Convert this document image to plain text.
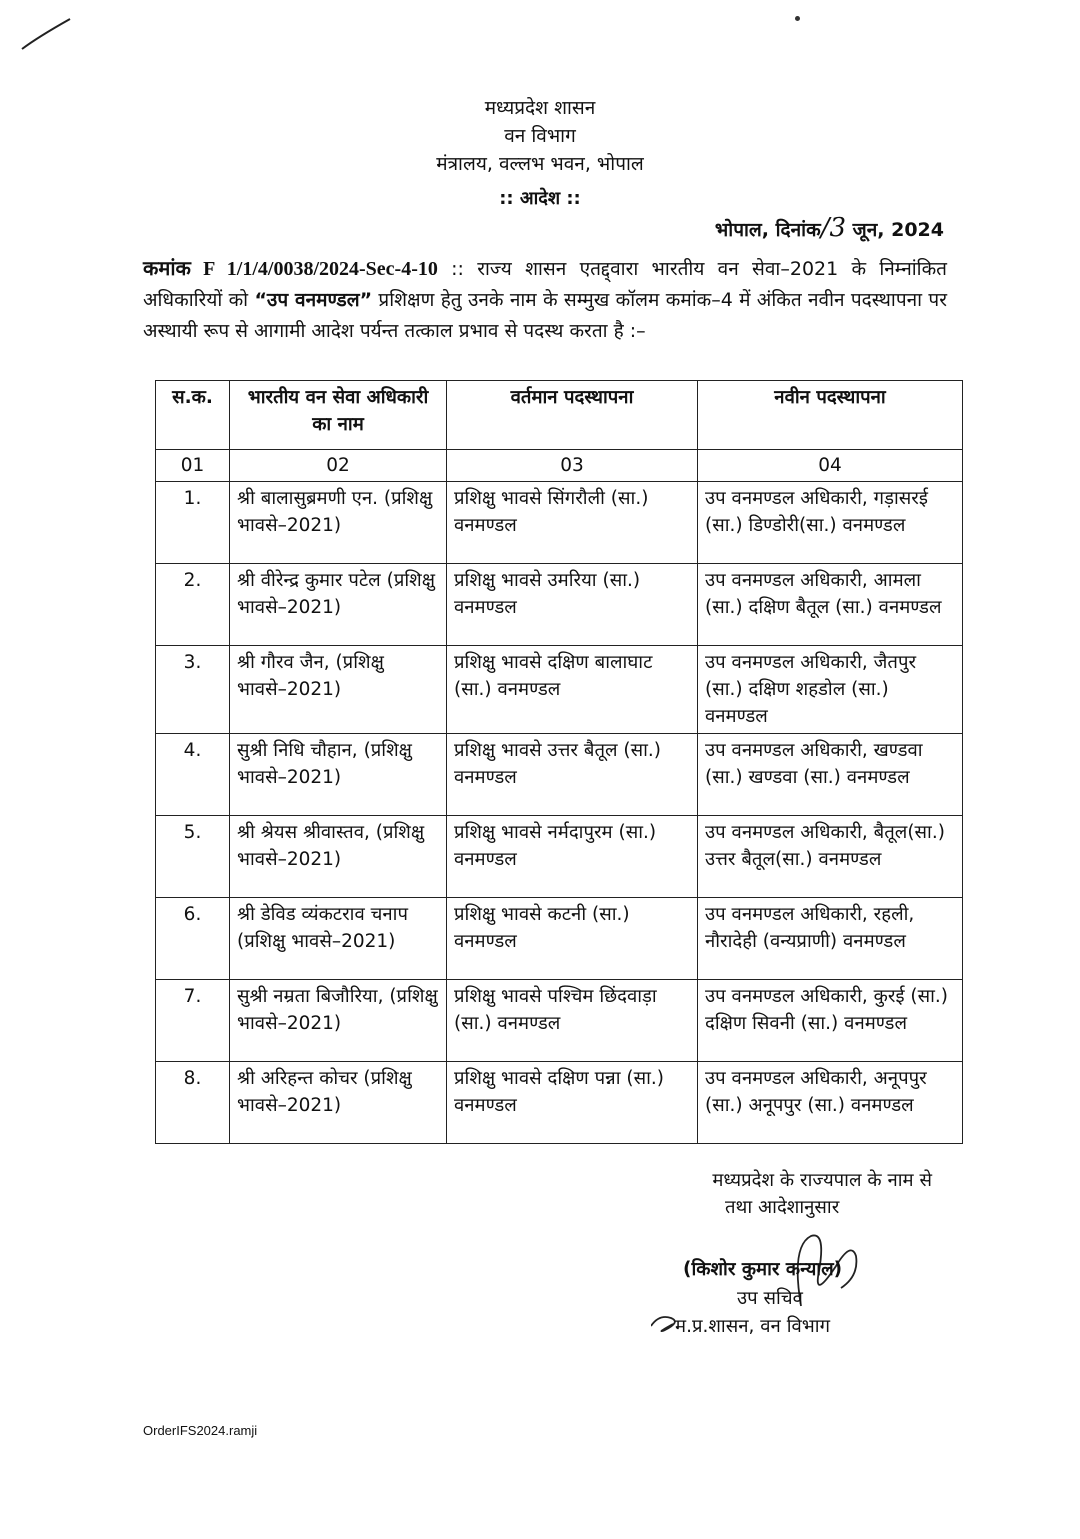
मध्यप्रदेश शासन
वन विभाग
मंत्रालय, वल्लभ भवन, भोपाल
:: आदेश ::
भोपाल, दिनांक/3 जून, 2024
कमांक F 1/1/4/0038/2024-Sec-4-10 :: राज्य शासन एतद्द्वारा भारतीय वन सेवा–2021 के निम्नांकित अधिकारियों को “उप वनमण्डल” प्रशिक्षण हेतु उनके नाम के सम्मुख कॉलम कमांक–4 में अंकित नवीन पदस्थापना पर अस्थायी रूप से आगामी आदेश पर्यन्त तत्काल प्रभाव से पदस्थ करता है :–
स.क.	भारतीय वन सेवा अधिकारी का नाम	वर्तमान पदस्थापना	नवीन पदस्थापना
01	02	03	04
1.	श्री बालासुब्रमणी एन. (प्रशिक्षु भावसे–2021)	प्रशिक्षु भावसे सिंगरौली (सा.) वनमण्डल	उप वनमण्डल अधिकारी, गड़ासरई (सा.) डिण्डोरी(सा.) वनमण्डल
2.	श्री वीरेन्द्र कुमार पटेल (प्रशिक्षु भावसे–2021)	प्रशिक्षु भावसे उमरिया (सा.) वनमण्डल	उप वनमण्डल अधिकारी, आमला (सा.) दक्षिण बैतूल (सा.) वनमण्डल
3.	श्री गौरव जैन, (प्रशिक्षु भावसे–2021)	प्रशिक्षु भावसे दक्षिण बालाघाट (सा.) वनमण्डल	उप वनमण्डल अधिकारी, जैतपुर (सा.) दक्षिण शहडोल (सा.) वनमण्डल
4.	सुश्री निधि चौहान, (प्रशिक्षु भावसे–2021)	प्रशिक्षु भावसे उत्तर बैतूल (सा.) वनमण्डल	उप वनमण्डल अधिकारी, खण्डवा (सा.) खण्डवा (सा.) वनमण्डल
5.	श्री श्रेयस श्रीवास्तव, (प्रशिक्षु भावसे–2021)	प्रशिक्षु भावसे नर्मदापुरम (सा.) वनमण्डल	उप वनमण्डल अधिकारी, बैतूल(सा.) उत्तर बैतूल(सा.) वनमण्डल
6.	श्री डेविड व्यंकटराव चनाप (प्रशिक्षु भावसे–2021)	प्रशिक्षु भावसे कटनी (सा.) वनमण्डल	उप वनमण्डल अधिकारी, रहली, नौरादेही (वन्यप्राणी) वनमण्डल
7.	सुश्री नम्रता बिजौरिया, (प्रशिक्षु भावसे–2021)	प्रशिक्षु भावसे पश्चिम छिंदवाड़ा (सा.) वनमण्डल	उप वनमण्डल अधिकारी, कुरई (सा.) दक्षिण सिवनी (सा.) वनमण्डल
8.	श्री अरिहन्त कोचर (प्रशिक्षु भावसे–2021)	प्रशिक्षु भावसे दक्षिण पन्ना (सा.) वनमण्डल	उप वनमण्डल अधिकारी, अनूपपुर (सा.) अनूपपुर (सा.) वनमण्डल
मध्यप्रदेश के राज्यपाल के नाम से
तथा आदेशानुसार
(किशोर कुमार कन्याल)
उप सचिव
म.प्र.शासन, वन विभाग
OrderIFS2024.ramji
